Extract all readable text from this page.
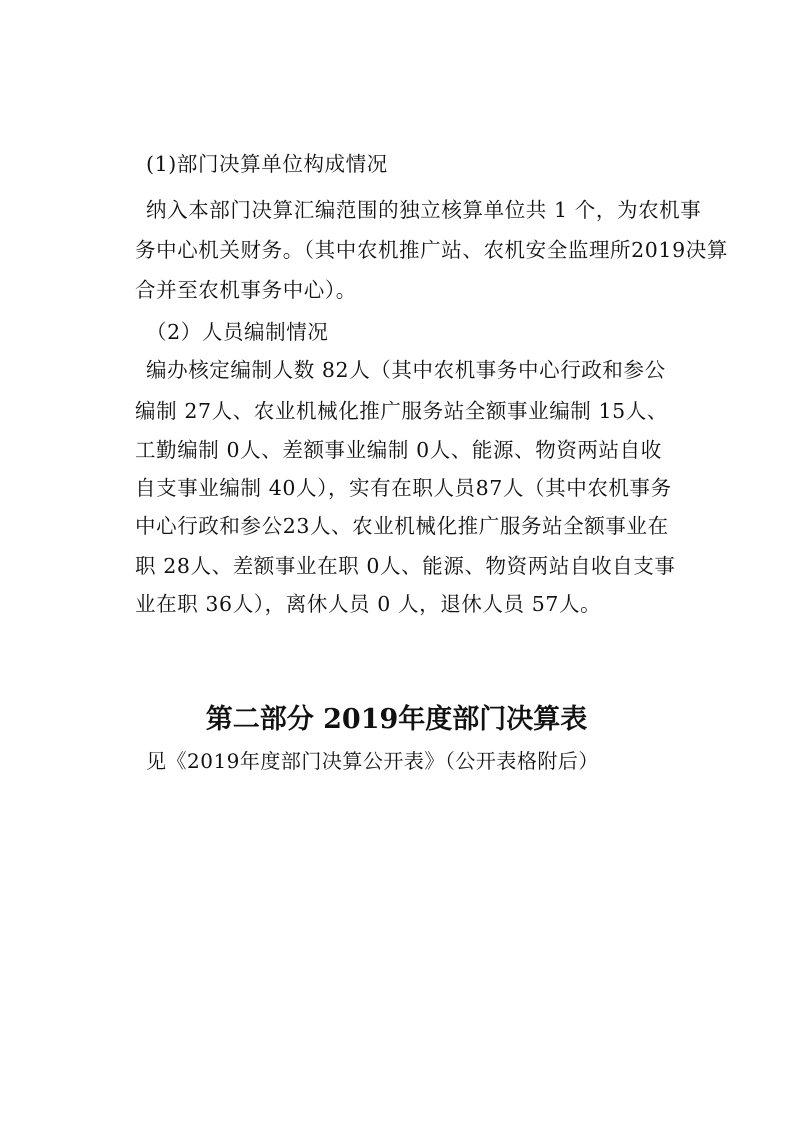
(1)部门决算单位构成情况
纳入本部门决算汇编范围的独立核算单位共 1 个，为农机事
务中心机关财务。（其中农机推广站、农机安全监理所2019决算
合并至农机事务中心）。
（2）人员编制情况
编办核定编制人数 82人（其中农机事务中心行政和参公
编制 27人、农业机械化推广服务站全额事业编制 15人、
工勤编制 0人、差额事业编制 0人、能源、物资两站自收
自支事业编制 40人），实有在职人员87人（其中农机事务
中心行政和参公23人、农业机械化推广服务站全额事业在
职 28人、差额事业在职 0人、能源、物资两站自收自支事
业在职 36人），离休人员 0 人，退休人员 57人。
第二部分 2019年度部门决算表
见《2019年度部门决算公开表》（公开表格附后）
